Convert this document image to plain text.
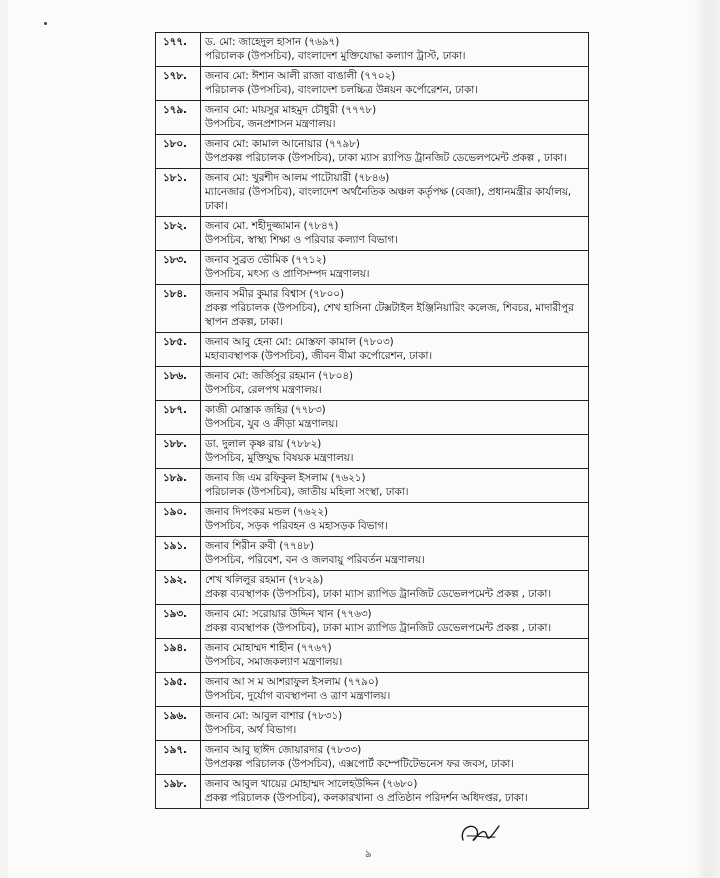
১৭৭.	ড. মো: জাহেদুল হাসান (৭৬৯৭)
পরিচালক (উপসচিব), বাংলাদেশ মুক্তিযোদ্ধা কল্যাণ ট্রাস্ট, ঢাকা।

১৭৮.	জনাব মো: ঈশান আলী রাজা বাঙালী (৭৭০২)
পরিচালক (উপসচিব), বাংলাদেশ চলচ্চিত্র উন্নয়ন কর্পোরেশন, ঢাকা।

১৭৯.	জনাব মো: মায়সুর মাহমুদ চৌধুরী (৭৭৭৮)
উপসচিব, জনপ্রশাসন মন্ত্রণালয়।

১৮০.	জনাব মো: কামাল আনোয়ার (৭৭৯৮)
উপপ্রকল্প পরিচালক (উপসচিব), ঢাকা ম্যাস র‍্যাপিড ট্রানজিট ডেভেলপমেন্ট প্রকল্প , ঢাকা।

১৮১.	জনাব মো: খুরশীদ আলম পাটোয়ারী (৭৮৪৬)
ম্যানেজার (উপসচিব), বাংলাদেশ অর্থনৈতিক অঞ্চল কর্তৃপক্ষ (বেজা), প্রধানমন্ত্রীর কার্যালয়, ঢাকা।

১৮২.	জনাব মো. শহীদুজ্জামান (৭৮৪৭)
উপসচিব, স্বাস্থ্য শিক্ষা ও পরিবার কল্যাণ বিভাগ।

১৮৩.	জনাব সুব্রত ভৌমিক (৭৭১২)
উপসচিব, মৎস্য ও প্রাণিসম্পদ মন্ত্রণালয়।

১৮৪.	জনাব সমীর কুমার বিশ্বাস (৭৮০০)
প্রকল্প পরিচালক (উপসচিব), শেখ হাসিনা টেক্সটাইল ইঞ্জিনিয়ারিং কলেজ, শিবচর, মাদারীপুর স্থাপন প্রকল্প, ঢাকা।

১৮৫.	জনাব আবু হেনা মো: মোস্তফা কামাল (৭৮০৩)
মহাব্যবস্থাপক (উপসচিব), জীবন বীমা কর্পোরেশন, ঢাকা।

১৮৬.	জনাব মো: জর্জিসুর রহমান (৭৮০৪)
উপসচিব, রেলপথ মন্ত্রণালয়।

১৮৭.	কাজী মোস্তাক জহির (৭৭৮৩)
উপসচিব, যুব ও ক্রীড়া মন্ত্রণালয়।

১৮৮.	ডা. দুলাল কৃষ্ণ রায় (৭৮৮২)
উপসচিব, মুক্তিযুদ্ধ বিষয়ক মন্ত্রণালয়।

১৮৯.	জনাব জি এম রফিকুল ইসলাম (৭৬২১)
পরিচালক (উপসচিব), জাতীয় মহিলা সংস্থা, ঢাকা।

১৯০.	জনাব দিপংকর মন্ডল (৭৬২২)
উপসচিব, সড়ক পরিবহন ও মহাসড়ক বিভাগ।

১৯১.	জনাব শিরীন রুবী (৭৭৪৮)
উপসচিব, পরিবেশ, বন ও জলবায়ু পরিবর্তন মন্ত্রণালয়।

১৯২.	শেখ খলিলুর রহমান (৭৮২৯)
প্রকল্প ব্যবস্থাপক (উপসচিব), ঢাকা ম্যাস র‍্যাপিড ট্রানজিট ডেভেলপমেন্ট প্রকল্প , ঢাকা।

১৯৩.	জনাব মো: সরোয়ার উদ্দিন খান (৭৭৬৩)
প্রকল্প ব্যবস্থাপক (উপসচিব), ঢাকা ম্যাস র‍্যাপিড ট্রানজিট ডেভেলপমেন্ট প্রকল্প , ঢাকা।

১৯৪.	জনাব মোহাম্মদ শাহীন (৭৭৬৭)
উপসচিব, সমাজকল্যাণ মন্ত্রণালয়।

১৯৫.	জনাব আ স ম আশরাফুল ইসলাম (৭৭৯০)
উপসচিব, দুর্যোগ ব্যবস্থাপনা ও ত্রাণ মন্ত্রণালয়।

১৯৬.	জনাব মো: আবুল বাশার (৭৮৩১)
উপসচিব, অর্থ বিভাগ।

১৯৭.	জনাব আবু ছাঈদ জোয়ারদার (৭৮৩৩)
উপপ্রকল্প পরিচালক (উপসচিব), এক্সপোর্ট কম্পেটিটেভনেস ফর জবস, ঢাকা।

১৯৮.	জনাব আবুল খায়ের মোহাম্মদ সালেহউদ্দিন (৭৬৮০)
প্রকল্প পরিচালক (উপসচিব), কলকারখানা ও প্রতিষ্ঠান পরিদর্শন অধিদপ্তর, ঢাকা।
৯
